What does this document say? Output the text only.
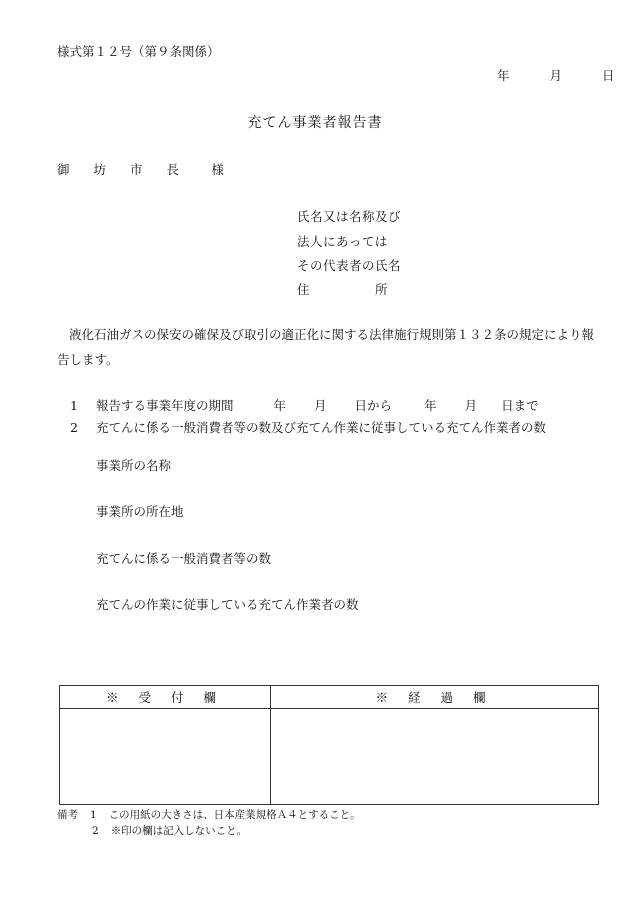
様式第１２号（第９条関係）
年	月	日
充てん事業者報告書
御 坊 市 長　様
氏名又は名称及び
法人にあっては
その代表者の氏名
住　　　　　所
液化石油ガスの保安の確保及び取引の適正化に関する法律施行規則第１３２条の規定により報告します。
1 報告する事業年度の期間	年 月 日から	年 月 日まで
2 充てんに係る一般消費者等の数及び充てん作業に従事している充てん作業者の数
事業所の名称
事業所の所在地
充てんに係る一般消費者等の数
充てんの作業に従事している充てん作業者の数
※ 受 付 欄	※ 経 過 欄

備考 1 この用紙の大きさは、日本産業規格Ａ４とすること。
2 ※印の欄は記入しないこと。
